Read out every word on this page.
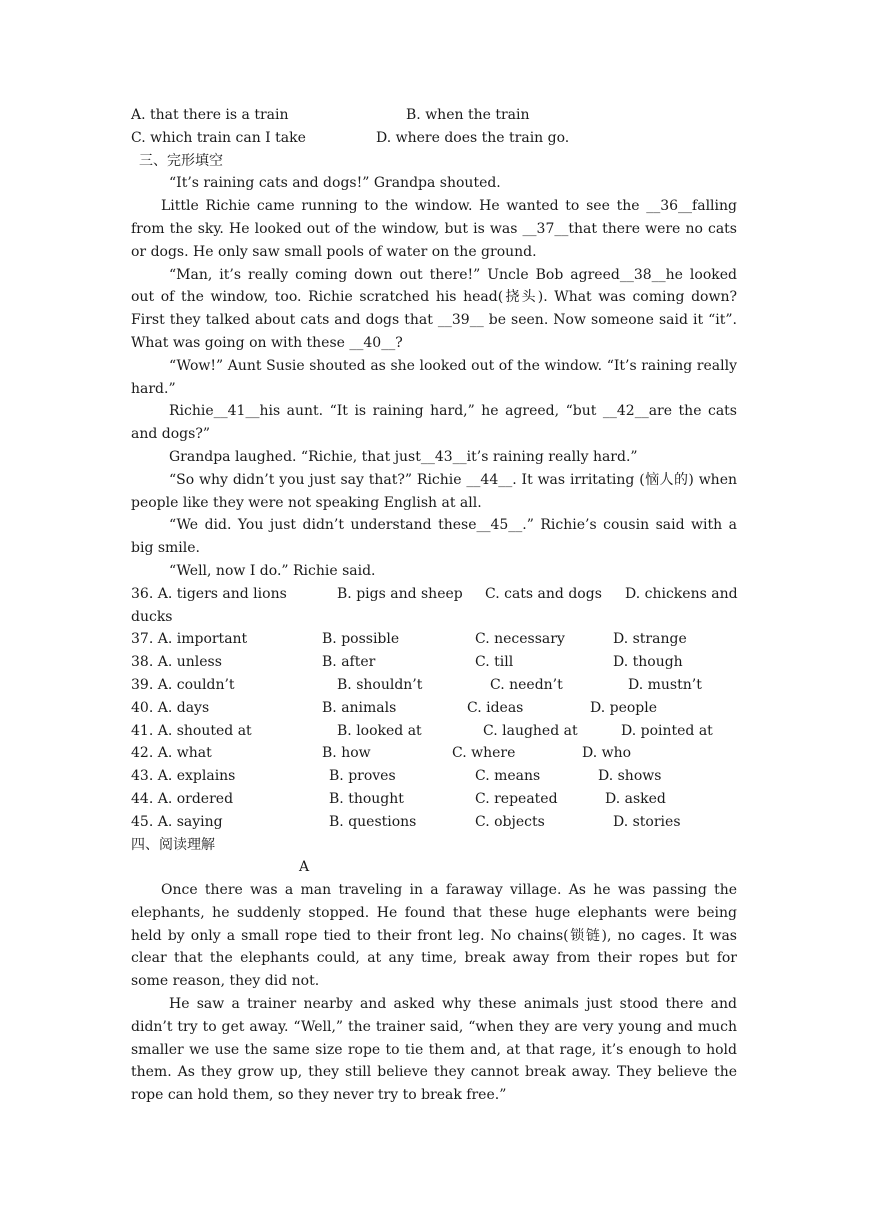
A. that there is a train

	B. when the train

C. which train can I take

	D. where does the train go.

三、完形填空
“It’s raining cats and dogs!” Grandpa shouted.
Little Richie came running to the window. He wanted to see the __36__falling from the sky. He looked out of the window, but is was __37__that there were no cats or dogs. He only saw small pools of water on the ground.
“Man, it’s really coming down out there!” Uncle Bob agreed__38__he looked out of the window, too. Richie scratched his head(挠头). What was coming down? First they talked about cats and dogs that __39__ be seen. Now someone said it “it”. What was going on with these __40__?
“Wow!” Aunt Susie shouted as she looked out of the window. “It’s raining really hard.”
Richie__41__his aunt. “It is raining hard,” he agreed, “but __42__are the cats and dogs?”
Grandpa laughed. “Richie, that just__43__it’s raining really hard.”
“So why didn’t you just say that?” Richie __44__. It was irritating (恼人的) when people like they were not speaking English at all.
“We did. You just didn’t understand these__45__.” Richie’s cousin said with a big smile.
“Well, now I do.” Richie said.

36. A. tigers and lions

	B. pigs and sheep

C. cats and dogs

D. chickens and

ducks

37. A. important

	B. possible

	C. necessary

	D. strange

38. A. unless

	B. after

	C. till

	D. though

39. A. couldn’t

	B. shouldn’t

	C. needn’t

	D. mustn’t

40. A. days

	B. animals

	C. ideas

	D. people

41. A. shouted at

	B. looked at

	C. laughed at

	D. pointed at

42. A. what

	B. how

	C. where

	D. who

43. A. explains

	B. proves

	C. means

	D. shows

44. A. ordered

	B. thought

	C. repeated

	D. asked

45. A. saying

	B. questions

	C. objects

	D. stories

四、阅读理解
A
Once there was a man traveling in a faraway village. As he was passing the elephants, he suddenly stopped. He found that these huge elephants were being held by only a small rope tied to their front leg. No chains(锁链), no cages. It was clear that the elephants could, at any time, break away from their ropes but for some reason, they did not.
He saw a trainer nearby and asked why these animals just stood there and didn’t try to get away. “Well,” the trainer said, “when they are very young and much smaller we use the same size rope to tie them and, at that rage, it’s enough to hold them. As they grow up, they still believe they cannot break away. They believe the rope can hold them, so they never try to break free.”
